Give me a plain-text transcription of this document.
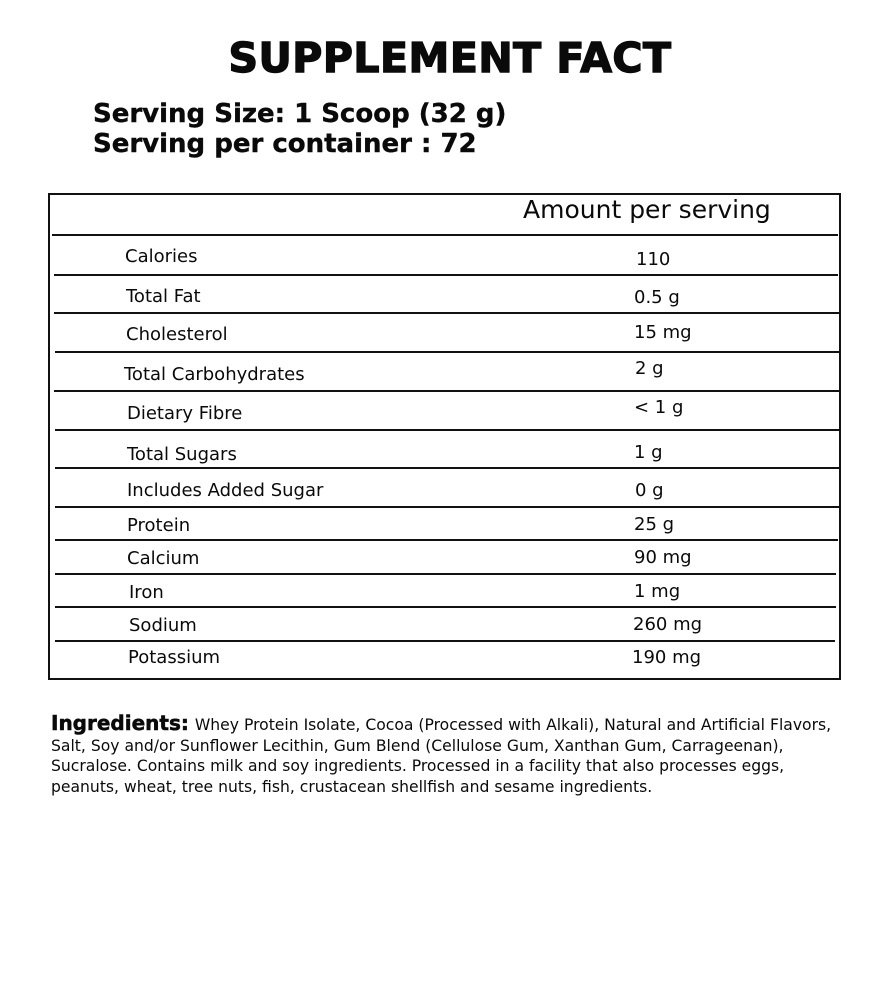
SUPPLEMENT FACT

Serving Size: 1 Scoop (32 g)

Serving per container : 72

Amount per serving
Calories	110
Total Fat	0.5 g
Cholesterol	15 mg
Total Carbohydrates	2 g
Dietary Fibre	< 1 g
Total Sugars	1 g
Includes Added Sugar	0 g
Protein	25 g
Calcium	90 mg
Iron	1 mg
Sodium	260 mg
Potassium	190 mg

Ingredients: Whey Protein Isolate, Cocoa (Processed with Alkali), Natural and Artificial Flavors, Salt, Soy and/or Sunflower Lecithin, Gum Blend (Cellulose Gum, Xanthan Gum, Carrageenan), Sucralose. Contains milk and soy ingredients. Processed in a facility that also processes eggs, peanuts, wheat, tree nuts, fish, crustacean shellfish and sesame ingredients.
